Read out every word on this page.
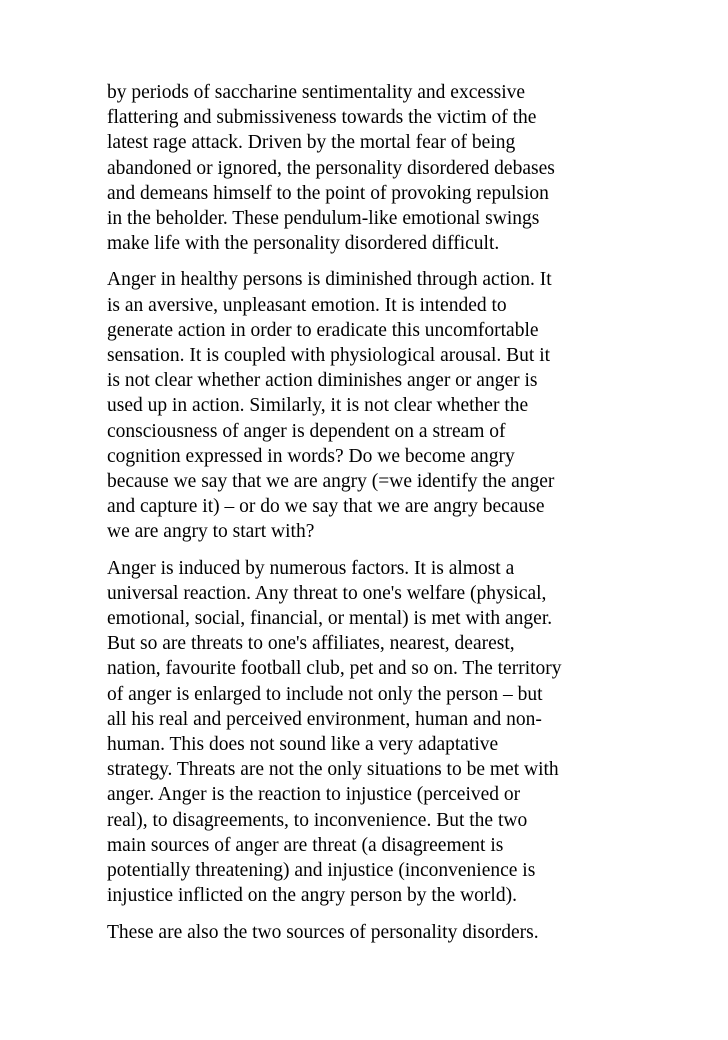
by periods of saccharine sentimentality and excessive
flattering and submissiveness towards the victim of the
latest rage attack. Driven by the mortal fear of being
abandoned or ignored, the personality disordered debases
and demeans himself to the point of provoking repulsion
in the beholder. These pendulum-like emotional swings
make life with the personality disordered difficult.

Anger in healthy persons is diminished through action. It
is an aversive, unpleasant emotion. It is intended to
generate action in order to eradicate this uncomfortable
sensation. It is coupled with physiological arousal. But it
is not clear whether action diminishes anger or anger is
used up in action. Similarly, it is not clear whether the
consciousness of anger is dependent on a stream of
cognition expressed in words? Do we become angry
because we say that we are angry (=we identify the anger
and capture it) – or do we say that we are angry because
we are angry to start with?

Anger is induced by numerous factors. It is almost a
universal reaction. Any threat to one's welfare (physical,
emotional, social, financial, or mental) is met with anger.
But so are threats to one's affiliates, nearest, dearest,
nation, favourite football club, pet and so on. The territory
of anger is enlarged to include not only the person – but
all his real and perceived environment, human and non-
human. This does not sound like a very adaptative
strategy. Threats are not the only situations to be met with
anger. Anger is the reaction to injustice (perceived or
real), to disagreements, to inconvenience. But the two
main sources of anger are threat (a disagreement is
potentially threatening) and injustice (inconvenience is
injustice inflicted on the angry person by the world).

These are also the two sources of personality disorders.
